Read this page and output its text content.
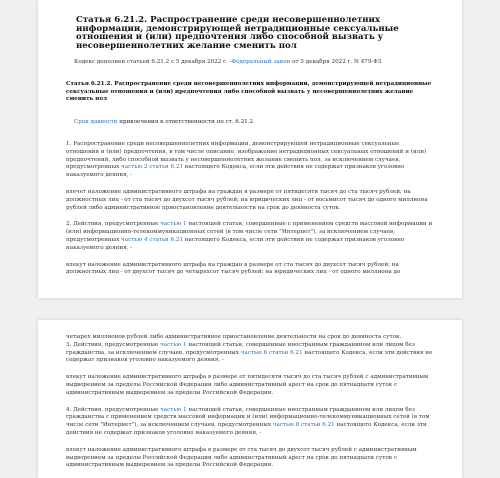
Статья 6.21.2. Распространение среди несовершеннолетних информации, демонстрирующей нетрадиционные сексуальные отношения и (или) предпочтения либо способной вызвать у несовершеннолетних желание сменить пол
Кодекс дополнен статьей 6.21.2 с 5 декабря 2022 г. -Федеральный закон от 5 декабря 2022 г. N 479-ФЗ
Статья 6.21.2. Распространение среди несовершеннолетних информации, демонстрирующей нетрадиционные сексуальные отношения и (или) предпочтения либо способной вызвать у несовершеннолетних желание сменить пол
Срок давности привлечения к ответственности по ст. 6.21.2

1. Распространение среди несовершеннолетних информации, демонстрирующей нетрадиционные сексуальные отношения и (или) предпочтения, в том числе описание, изображение нетрадиционных сексуальных отношений и (или) предпочтений, либо способной вызвать у несовершеннолетних желание сменить пол, за исключением случаев, предусмотренных частью 2 статьи 6.21 настоящего Кодекса, если эти действия не содержат признаков уголовно наказуемого деяния, -

влечет наложение административного штрафа на граждан в размере от пятидесяти тысяч до ста тысяч рублей; на должностных лиц - от ста тысяч до двухсот тысяч рублей; на юридических лиц - от восьмисот тысяч до одного миллиона рублей либо административное приостановление деятельности на срок до девяноста суток.

2. Действия, предусмотренные частью 1 настоящей статьи, совершенные с применением средств массовой информации и (или) информационно-телекоммуникационных сетей (в том числе сети "Интернет"), за исключением случаев, предусмотренных частью 4 статьи 6.21 настоящего Кодекса, если эти действия не содержат признаков уголовно наказуемого деяния, -

влекут наложение административного штрафа на граждан в размере от ста тысяч до двухсот тысяч рублей; на должностных лиц - от двухсот тысяч до четырехсот тысяч рублей; на юридических лиц - от одного миллиона до

четырех миллионов рублей либо административное приостановление деятельности на срок до девяноста суток.

3. Действия, предусмотренные частью 1 настоящей статьи, совершенные иностранным гражданином или лицом без гражданства, за исключением случаев, предусмотренных частью 6 статьи 6.21 настоящего Кодекса, если эти действия не содержат признаков уголовно наказуемого деяния, -

влекут наложение административного штрафа в размере от пятидесяти тысяч до ста тысяч рублей с административным выдворением за пределы Российской Федерации либо административный арест на срок до пятнадцати суток с административным выдворением за пределы Российской Федерации.

4. Действия, предусмотренные частью 1 настоящей статьи, совершенные иностранным гражданином или лицом без гражданства с применением средств массовой информации и (или) информационно-телекоммуникационных сетей (в том числе сети "Интернет"), за исключением случаев, предусмотренных частью 8 статьи 6.21 настоящего Кодекса, если эти действия не содержат признаков уголовно наказуемого деяния, -

влекут наложение административного штрафа в размере от ста тысяч до двухсот тысяч рублей с административным выдворением за пределы Российской Федерации либо административный арест на срок до пятнадцати суток с административным выдворением за пределы Российской Федерации.
